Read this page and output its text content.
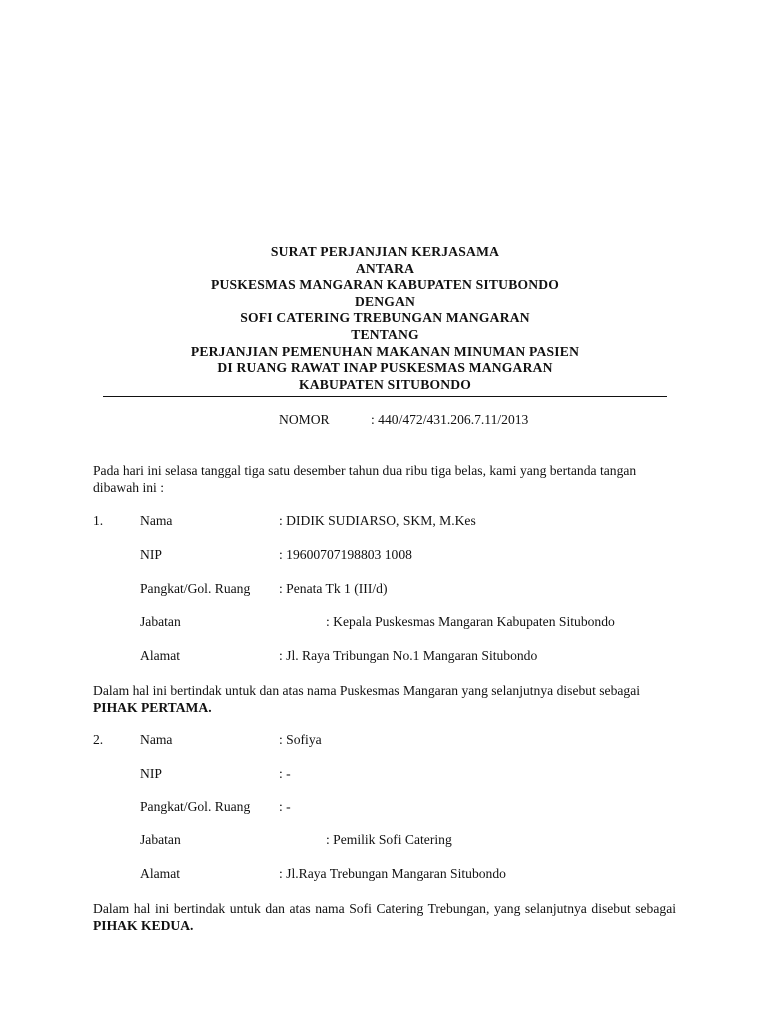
SURAT PERJANJIAN KERJASAMA
ANTARA
PUSKESMAS MANGARAN KABUPATEN SITUBONDO
DENGAN
SOFI CATERING TREBUNGAN MANGARAN
TENTANG
PERJANJIAN PEMENUHAN MAKANAN MINUMAN PASIEN
DI RUANG RAWAT INAP PUSKESMAS MANGARAN
KABUPATEN SITUBONDO
NOMOR	: 440/472/431.206.7.11/2013
Pada hari ini selasa tanggal tiga satu desember tahun dua ribu tiga belas, kami yang bertanda tangan dibawah ini :
1.	Nama	: DIDIK SUDIARSO, SKM, M.Kes
NIP	: 19600707198803 1008
Pangkat/Gol. Ruang : Penata Tk 1 (III/d)
Jabatan	: Kepala Puskesmas Mangaran Kabupaten Situbondo
Alamat	: Jl. Raya Tribungan No.1 Mangaran Situbondo
Dalam hal ini bertindak untuk dan atas nama Puskesmas Mangaran yang selanjutnya disebut sebagai PIHAK PERTAMA.
2.	Nama	: Sofiya
NIP	: -
Pangkat/Gol. Ruang : -
Jabatan	: Pemilik Sofi Catering
Alamat	: Jl.Raya Trebungan Mangaran Situbondo
Dalam hal ini bertindak untuk dan atas nama Sofi Catering Trebungan, yang selanjutnya disebut sebagai PIHAK KEDUA.
